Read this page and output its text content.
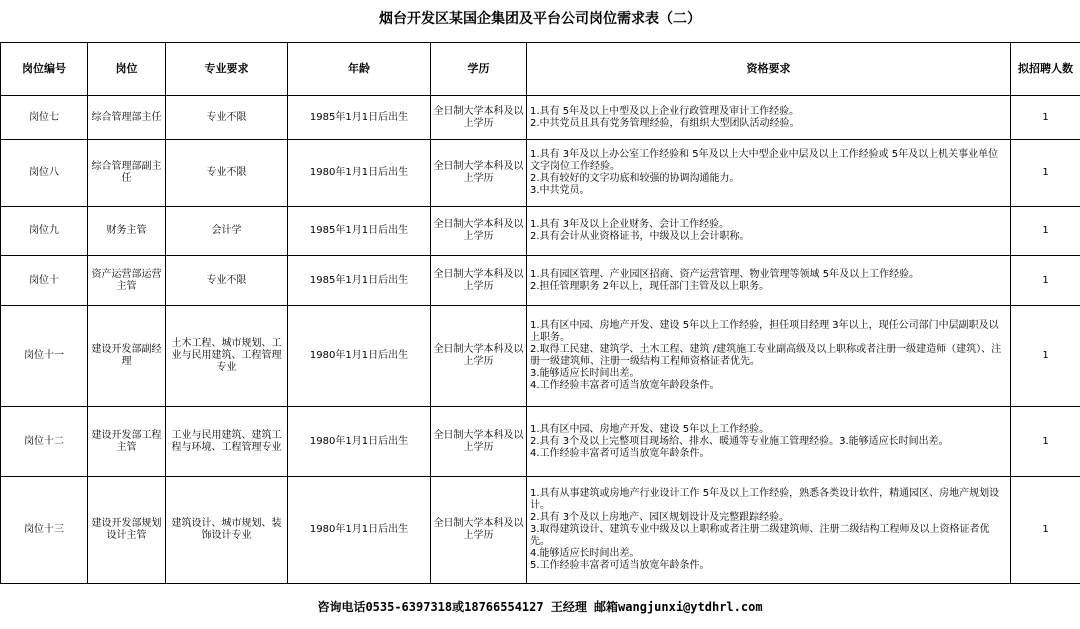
烟台开发区某国企集团及平台公司岗位需求表（二）
岗位编号	岗位	专业要求	年龄	学历	资格要求	拟招聘人数
岗位七	综合管理部主任	专业不限	1985年1月1日后出生	全日制大学本科及以上学历	1.具有 5年及以上中型及以上企业行政管理及审计工作经验。
2.中共党员且具有党务管理经验，有组织大型团队活动经验。	1
岗位八	综合管理部副主任	专业不限	1980年1月1日后出生	全日制大学本科及以上学历	1.具有 3年及以上办公室工作经验和 5年及以上大中型企业中层及以上工作经验或 5年及以上机关事业单位文字岗位工作经验。
2.具有较好的文字功底和较强的协调沟通能力。
3.中共党员。	1
岗位九	财务主管	会计学	1985年1月1日后出生	全日制大学本科及以上学历	1.具有 3年及以上企业财务、会计工作经验。
2.具有会计从业资格证书，中级及以上会计职称。	1
岗位十	资产运营部运营主管	专业不限	1985年1月1日后出生	全日制大学本科及以上学历	1.具有园区管理、产业园区招商、资产运营管理、物业管理等领域 5年及以上工作经验。
2.担任管理职务 2年以上，现任部门主管及以上职务。	1
岗位十一	建设开发部副经理	土木工程、城市规划、工业与民用建筑、工程管理专业	1980年1月1日后出生	全日制大学本科及以上学历	1.具有区中园、房地产开发、建设 5年以上工作经验，担任项目经理 3年以上，现任公司部门中层副职及以上职务。
2.取得工民建、建筑学、土木工程、建筑 /建筑施工专业副高级及以上职称或者注册一级建造师（建筑）、注册一级建筑师、注册一级结构工程师资格证者优先。
3.能够适应长时间出差。
4.工作经验丰富者可适当放宽年龄段条件。	1
岗位十二	建设开发部工程主管	工业与民用建筑、建筑工程与环境、工程管理专业	1980年1月1日后出生	全日制大学本科及以上学历	1.具有区中园、房地产开发、建设 5年以上工作经验。
2.具有 3个及以上完整项目现场给、排水、暖通等专业施工管理经验。3.能够适应长时间出差。
4.工作经验丰富者可适当放宽年龄条件。	1
岗位十三	建设开发部规划设计主管	建筑设计、城市规划、装饰设计专业	1980年1月1日后出生	全日制大学本科及以上学历	1.具有从事建筑或房地产行业设计工作 5年及以上工作经验，熟悉各类设计软件，精通园区、房地产规划设计。
2.具有 3个及以上房地产、园区规划设计及完整跟踪经验。
3.取得建筑设计、建筑专业中级及以上职称或者注册二级建筑师、注册二级结构工程师及以上资格证者优先。
4.能够适应长时间出差。
5.工作经验丰富者可适当放宽年龄条件。	1
咨询电话0535-6397318或18766554127 王经理 邮箱wangjunxi@ytdhrl.com
